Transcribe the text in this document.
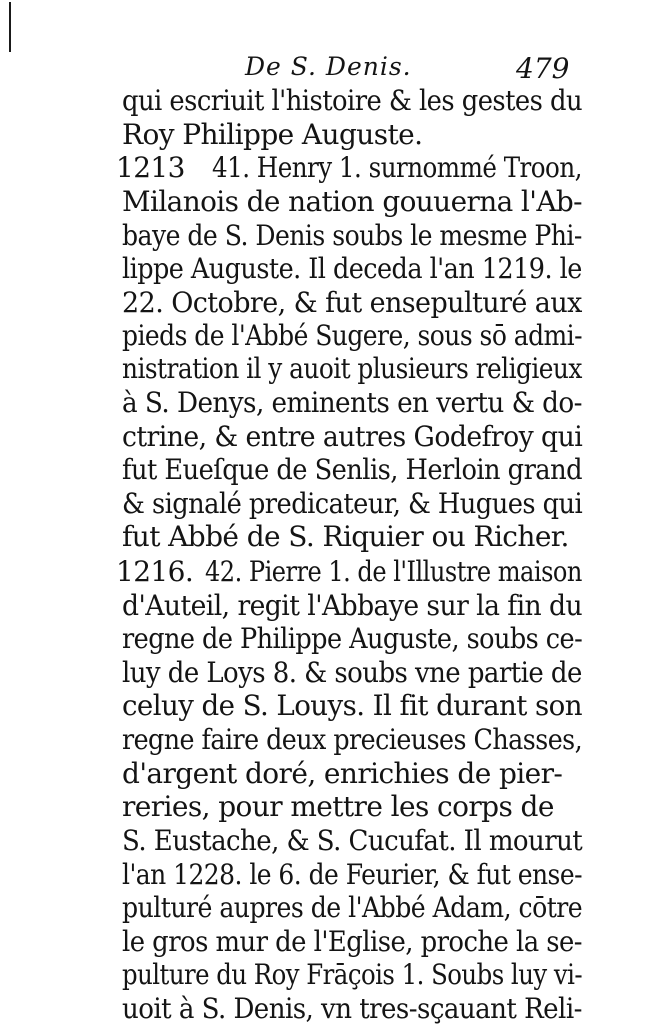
De S. Denis.	479
qui escriuit l'histoire & les gestes du
Roy Philippe Auguste.
1213 41. Henry 1. surnommé Troon,
Milanois de nation gouuerna l'Ab-
baye de S. Denis soubs le mesme Phi-
lippe Auguste. Il deceda l'an 1219. le
22. Octobre, & fut ensepulturé aux
pieds de l'Abbé Sugere, sous sō admi-
nistration il y auoit plusieurs religieux
à S. Denys, eminents en vertu & do-
ctrine, & entre autres Godefroy qui
fut Eueſque de Senlis, Herloin grand
& signalé predicateur, & Hugues qui
fut Abbé de S. Riquier ou Richer.
1216. 42. Pierre 1. de l'Illustre maison
d'Auteil, regit l'Abbaye sur la fin du
regne de Philippe Auguste, soubs ce-
luy de Loys 8. & soubs vne partie de
celuy de S. Louys. Il fit durant son
regne faire deux precieuses Chasses,
d'argent doré, enrichies de pier-
reries, pour mettre les corps de
S. Eustache, & S. Cucufat. Il mourut
l'an 1228. le 6. de Feurier, & fut ense-
pulturé aupres de l'Abbé Adam, cōtre
le gros mur de l'Eglise, proche la se-
pulture du Roy Frāçois 1. Soubs luy vi-
uoit à S. Denis, vn tres-sçauant Reli-
